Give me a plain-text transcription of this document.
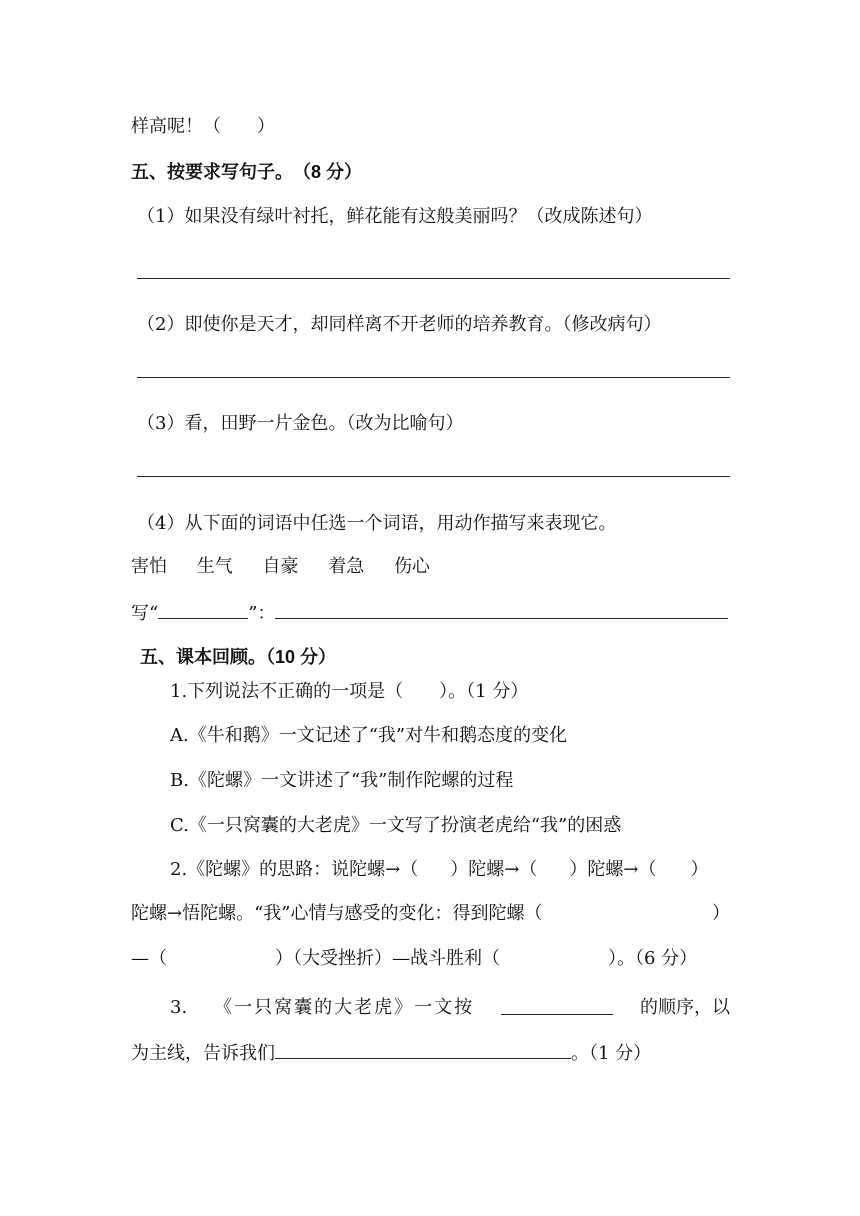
样高呢！（　　）
五、按要求写句子。　（8 分）
（1）如果没有绿叶衬托，鲜花能有这般美丽吗？（改成陈述句）
（2）即使你是天才，却同样离不开老师的培养教育。（修改病句）
（3）看，田野一片金色。（改为比喻句）
（4）从下面的词语中任选一个词语，用动作描写来表现它。
害怕 生气 自豪 着急 伤心
写“	”：
五、课本回顾。（10 分）
1.下列说法不正确的一项是（　　）。（1 分）
A.《牛和鹅》一文记述了“我”对牛和鹅态度的变化
B.《陀螺》一文讲述了“我”制作陀螺的过程
C.《一只窝囊的大老虎》一文写了扮演老虎给“我”的困惑
2.《陀螺》的思路：说陀螺→（ ）陀螺→（ ）陀螺→（ ）
陀螺→悟陀螺。“我”心情与感受的变化：得到陀螺（	）
—（	）（大受挫折）—战斗胜利（	）。（6 分）
3. 《一只窝囊的大老虎》一文按	的顺序，以
为主线，告诉我们	。（1 分）
